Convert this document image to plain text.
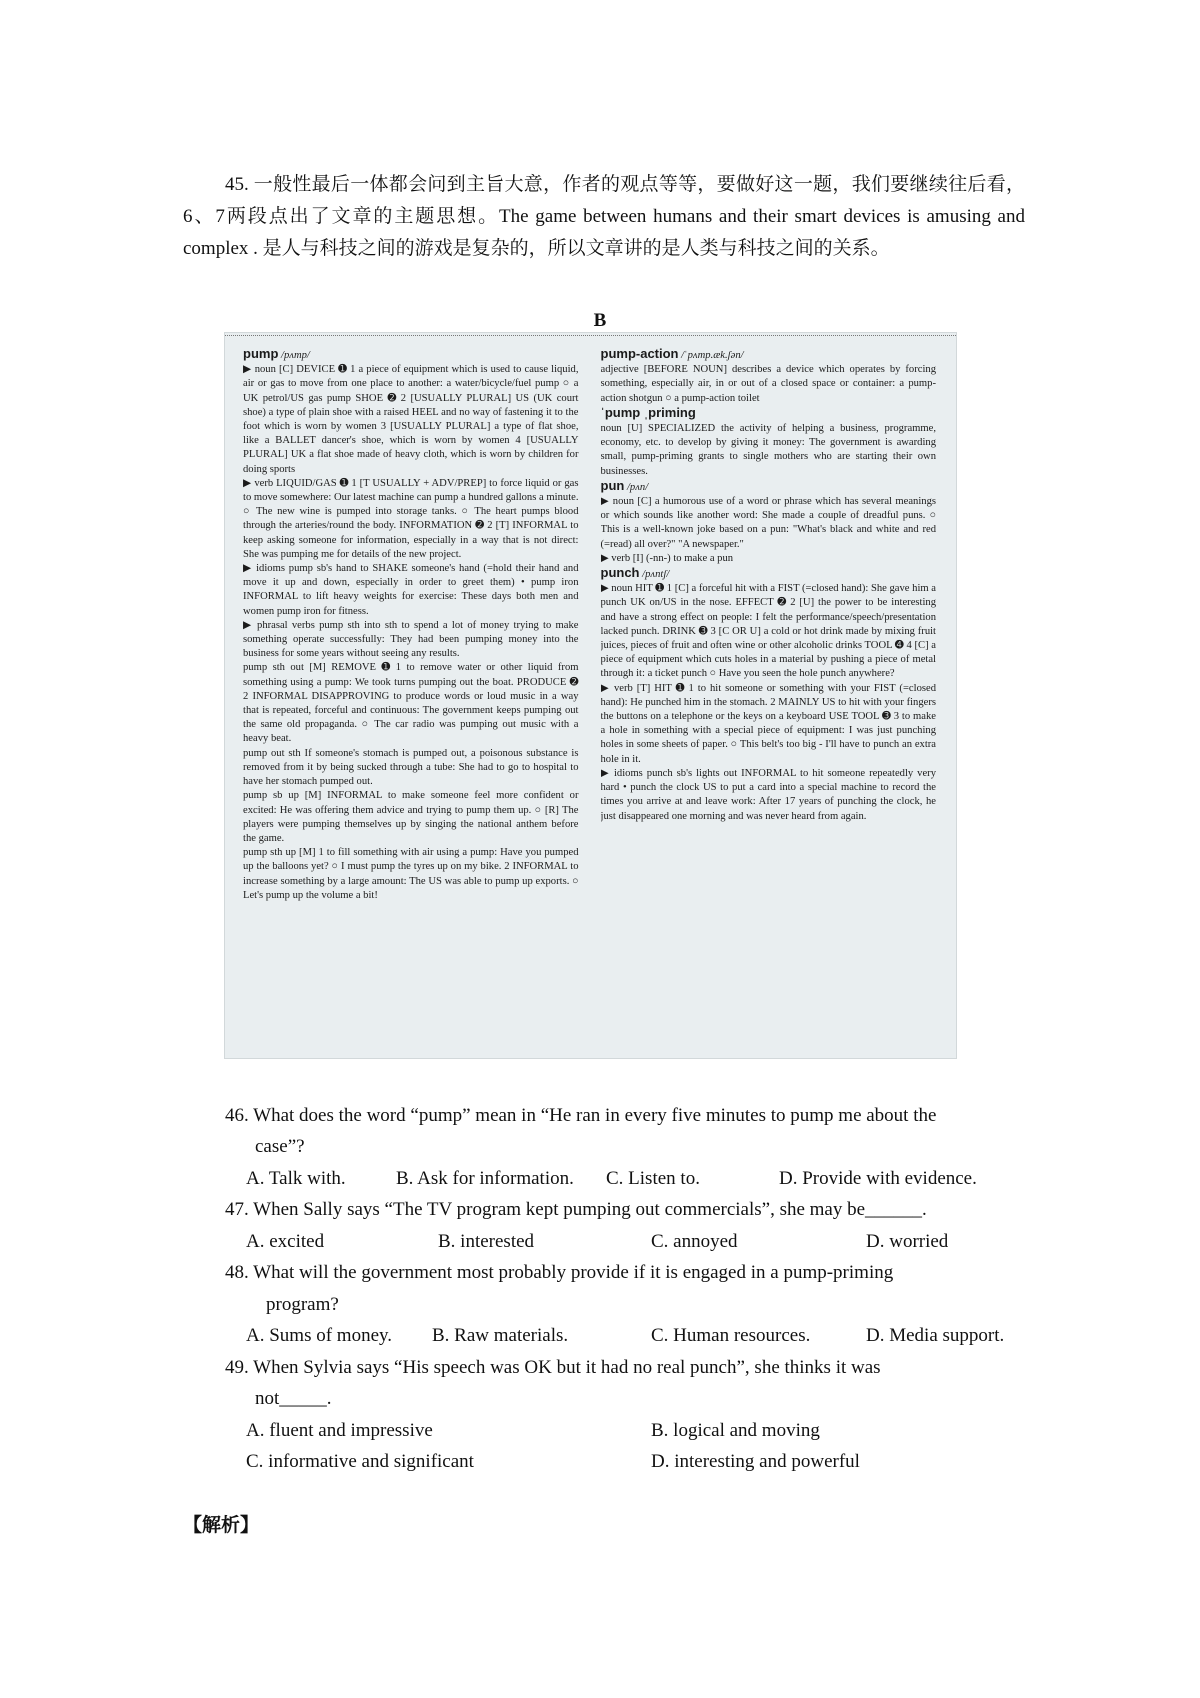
45. 一般性最后一体都会问到主旨大意，作者的观点等等，要做好这一题，我们要继续往后看，6、7两段点出了文章的主题思想。The game between humans and their smart devices is amusing and complex . 是人与科技之间的游戏是复杂的，所以文章讲的是人类与科技之间的关系。

B

pump /pʌmp/

▶ noun [C] DEVICE ➊ 1 a piece of equipment which is used to cause liquid, air or gas to move from one place to another: a water/bicycle/fuel pump ○ a UK petrol/US gas pump SHOE ➋ 2 [USUALLY PLURAL] US (UK court shoe) a type of plain shoe with a raised HEEL and no way of fastening it to the foot which is worn by women 3 [USUALLY PLURAL] a type of flat shoe, like a BALLET dancer's shoe, which is worn by women 4 [USUALLY PLURAL] UK a flat shoe made of heavy cloth, which is worn by children for doing sports

▶ verb LIQUID/GAS ➊ 1 [T USUALLY + ADV/PREP] to force liquid or gas to move somewhere: Our latest machine can pump a hundred gallons a minute. ○ The new wine is pumped into storage tanks. ○ The heart pumps blood through the arteries/round the body. INFORMATION ➋ 2 [T] INFORMAL to keep asking someone for information, especially in a way that is not direct: She was pumping me for details of the new project.

▶ idioms pump sb's hand to SHAKE someone's hand (=hold their hand and move it up and down, especially in order to greet them) • pump iron INFORMAL to lift heavy weights for exercise: These days both men and women pump iron for fitness.

▶ phrasal verbs pump sth into sth to spend a lot of money trying to make something operate successfully: They had been pumping money into the business for some years without seeing any results.

pump sth out [M] REMOVE ➊ 1 to remove water or other liquid from something using a pump: We took turns pumping out the boat. PRODUCE ➋ 2 INFORMAL DISAPPROVING to produce words or loud music in a way that is repeated, forceful and continuous: The government keeps pumping out the same old propaganda. ○ The car radio was pumping out music with a heavy beat.

pump out sth If someone's stomach is pumped out, a poisonous substance is removed from it by being sucked through a tube: She had to go to hospital to have her stomach pumped out.

pump sb up [M] INFORMAL to make someone feel more confident or excited: He was offering them advice and trying to pump them up. ○ [R] The players were pumping themselves up by singing the national anthem before the game.

pump sth up [M] 1 to fill something with air using a pump: Have you pumped up the balloons yet? ○ I must pump the tyres up on my bike. 2 INFORMAL to increase something by a large amount: The US was able to pump up exports. ○ Let's pump up the volume a bit!

pump-action /ˈpʌmp.æk.ʃən/

adjective [BEFORE NOUN] describes a device which operates by forcing something, especially air, in or out of a closed space or container: a pump-action shotgun ○ a pump-action toilet

ˈpump ˌpriming

noun [U] SPECIALIZED the activity of helping a business, programme, economy, etc. to develop by giving it money: The government is awarding small, pump-priming grants to single mothers who are starting their own businesses.

pun /pʌn/

▶ noun [C] a humorous use of a word or phrase which has several meanings or which sounds like another word: She made a couple of dreadful puns. ○ This is a well-known joke based on a pun: "What's black and white and red (=read) all over?" "A newspaper."

▶ verb [I] (-nn-) to make a pun

punch /pʌntʃ/

▶ noun HIT ➊ 1 [C] a forceful hit with a FIST (=closed hand): She gave him a punch UK on/US in the nose. EFFECT ➋ 2 [U] the power to be interesting and have a strong effect on people: I felt the performance/speech/presentation lacked punch. DRINK ➌ 3 [C OR U] a cold or hot drink made by mixing fruit juices, pieces of fruit and often wine or other alcoholic drinks TOOL ➍ 4 [C] a piece of equipment which cuts holes in a material by pushing a piece of metal through it: a ticket punch ○ Have you seen the hole punch anywhere?

▶ verb [T] HIT ➊ 1 to hit someone or something with your FIST (=closed hand): He punched him in the stomach. 2 MAINLY US to hit with your fingers the buttons on a telephone or the keys on a keyboard USE TOOL ➌ 3 to make a hole in something with a special piece of equipment: I was just punching holes in some sheets of paper. ○ This belt's too big - I'll have to punch an extra hole in it.

▶ idioms punch sb's lights out INFORMAL to hit someone repeatedly very hard • punch the clock US to put a card into a special machine to record the times you arrive at and leave work: After 17 years of punching the clock, he just disappeared one morning and was never heard from again.

46. What does the word “pump” mean in “He ran in every five minutes to pump me about the
case”?
A. Talk with.	B. Ask for information. C. Listen to.	D. Provide with evidence.
47. When Sally says “The TV program kept pumping out commercials”, she may be______.
A. excited	B. interested	C. annoyed	D. worried
48. What will the government most probably provide if it is engaged in a pump-priming
program?
A. Sums of money. B. Raw materials.	C. Human resources.	D. Media support.
49. When Sylvia says “His speech was OK but it had no real punch”, she thinks it was
not_____.
A. fluent and impressive	B. logical and moving
C. informative and significant	D. interesting and powerful
【解析】
